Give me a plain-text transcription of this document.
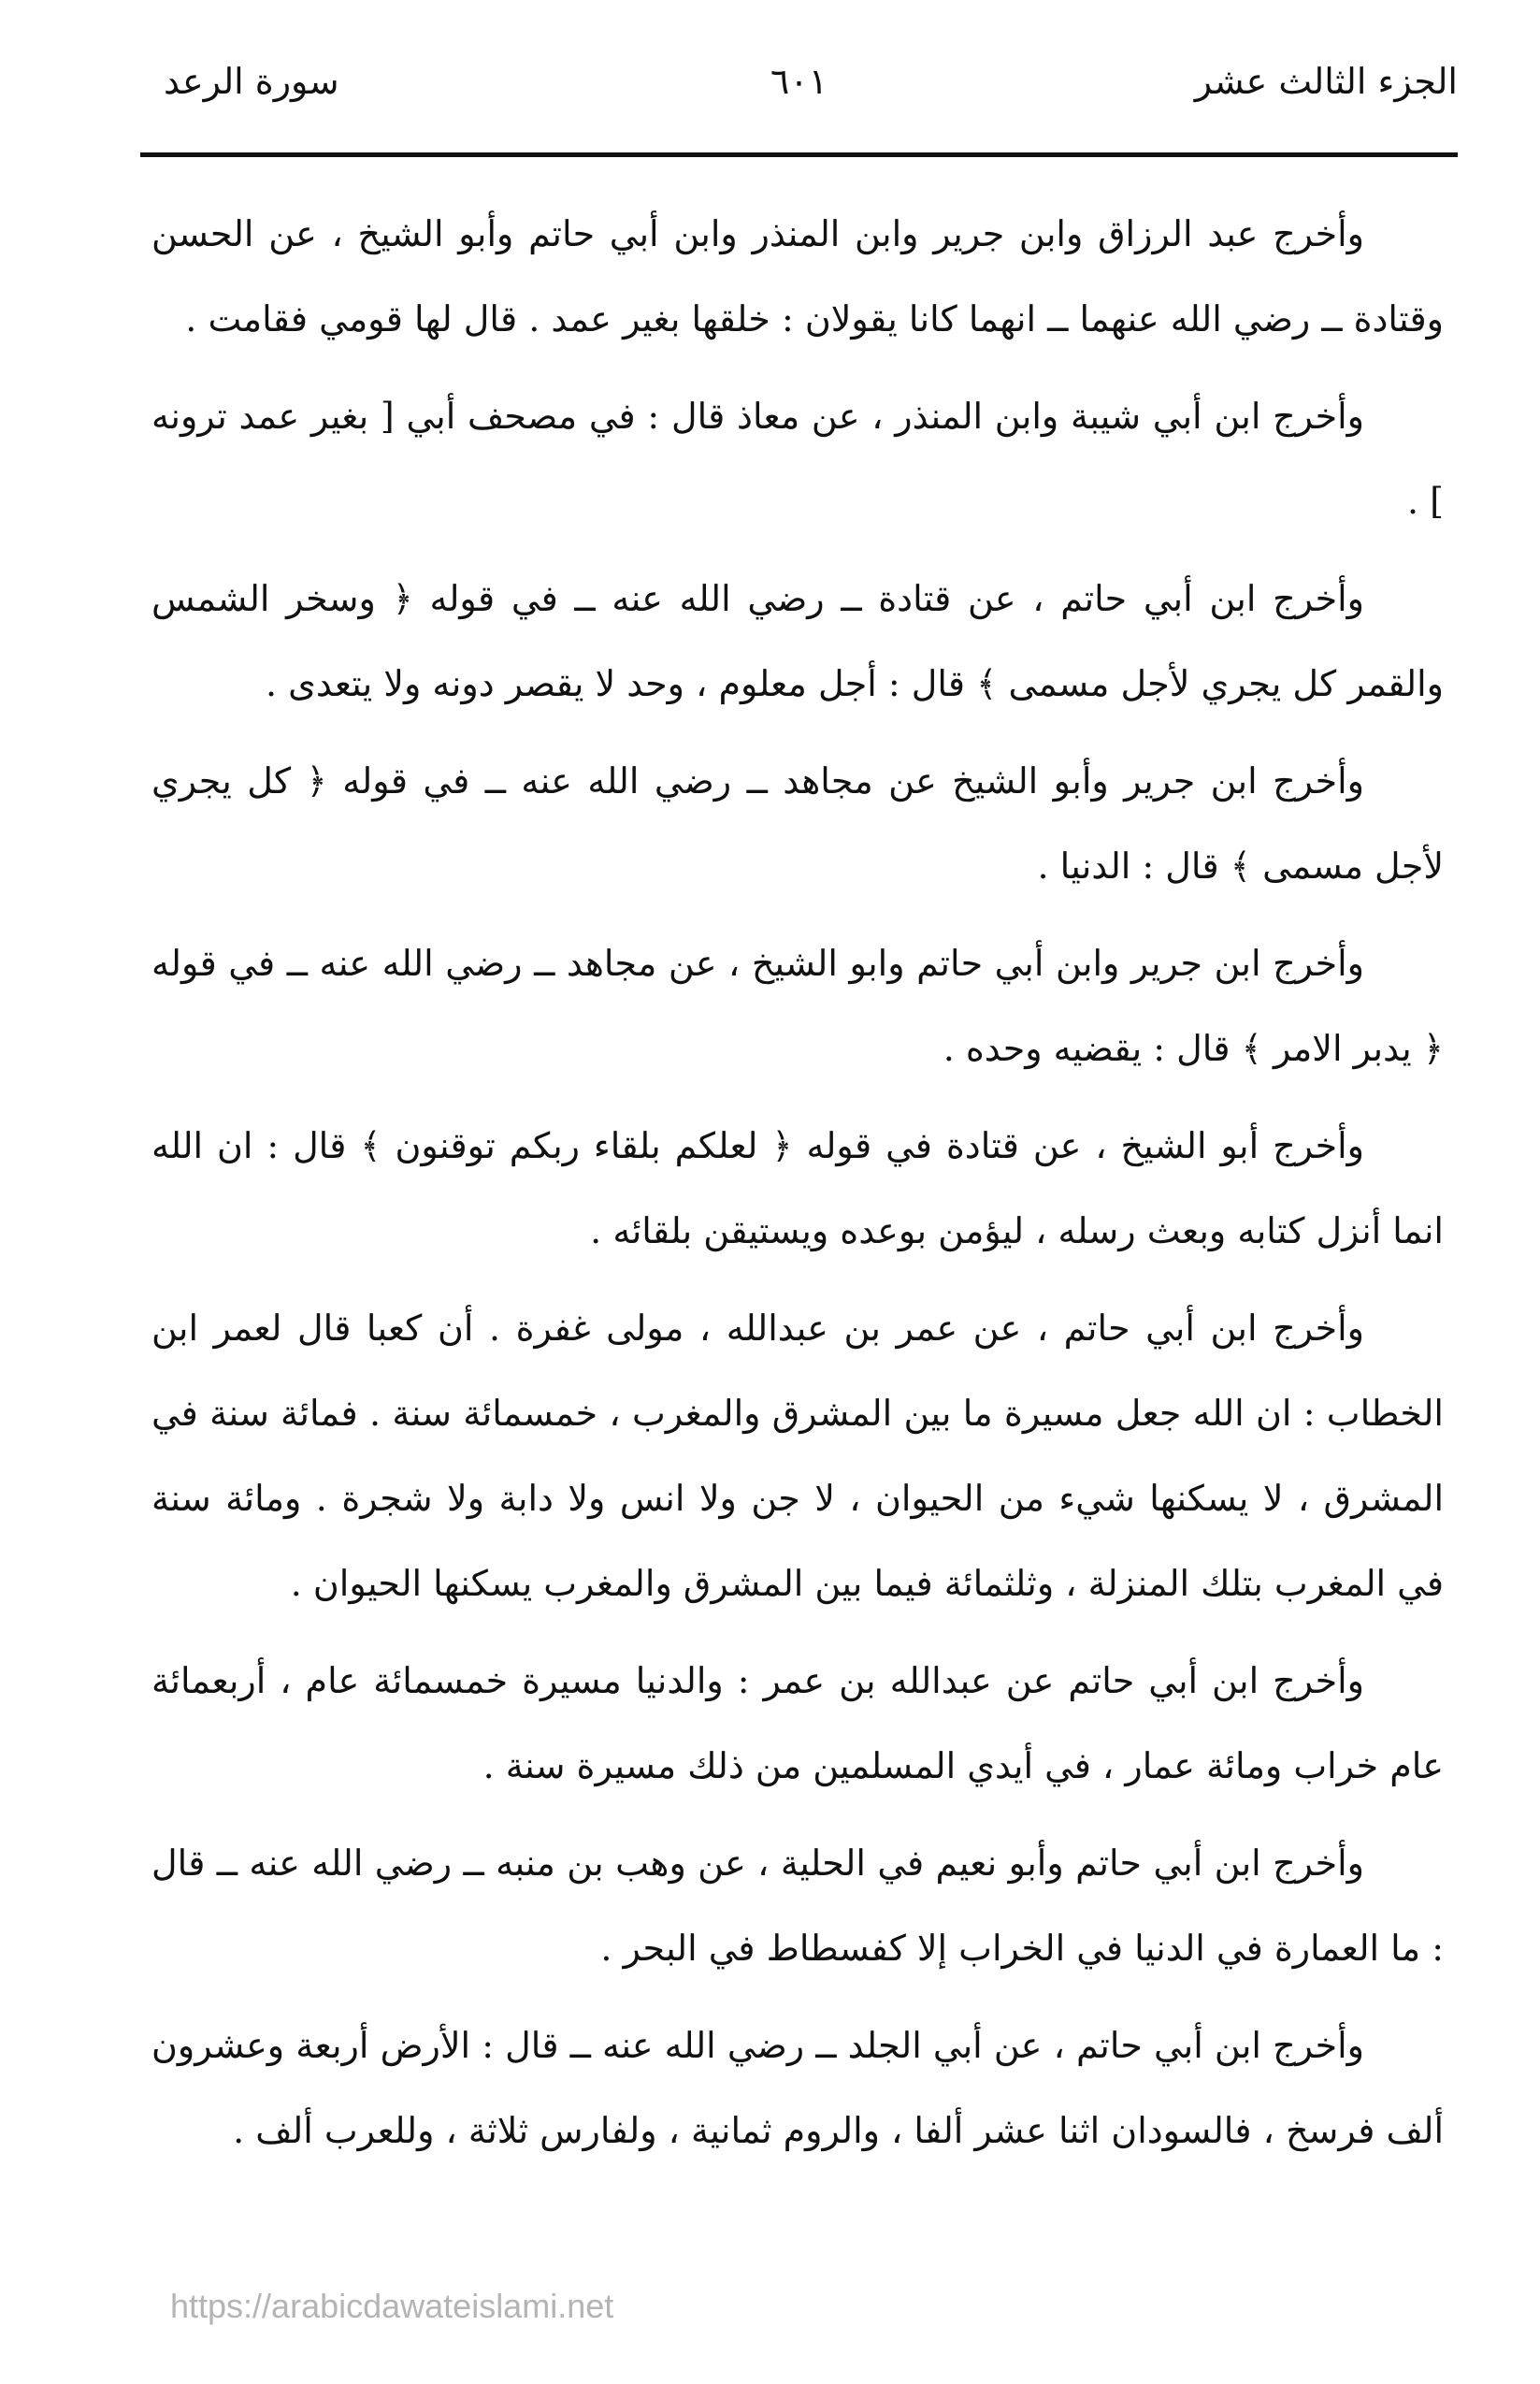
الجزء الثالث عشر
٦٠١
سورة الرعد

وأخرج عبد الرزاق وابن جرير وابن المنذر وابن أبي حاتم وأبو الشيخ ، عن الحسن وقتادة ــ رضي الله عنهما ــ انهما كانا يقولان : خلقها بغير عمد . قال لها قومي فقامت .

وأخرج ابن أبي شيبة وابن المنذر ، عن معاذ قال : في مصحف أبي [ بغير عمد ترونه ] .

وأخرج ابن أبي حاتم ، عن قتادة ــ رضي الله عنه ــ في قوله ﴿ وسخر الشمس والقمر كل يجري لأجل مسمى ﴾ قال : أجل معلوم ، وحد لا يقصر دونه ولا يتعدى .

وأخرج ابن جرير وأبو الشيخ عن مجاهد ــ رضي الله عنه ــ في قوله ﴿ كل يجري لأجل مسمى ﴾ قال : الدنيا .

وأخرج ابن جرير وابن أبي حاتم وابو الشيخ ، عن مجاهد ــ رضي الله عنه ــ في قوله ﴿ يدبر الامر ﴾ قال : يقضيه وحده .

وأخرج أبو الشيخ ، عن قتادة في قوله ﴿ لعلكم بلقاء ربكم توقنون ﴾ قال : ان الله انما أنزل كتابه وبعث رسله ، ليؤمن بوعده ويستيقن بلقائه .

وأخرج ابن أبي حاتم ، عن عمر بن عبدالله ، مولى غفرة . أن كعبا قال لعمر ابن الخطاب : ان الله جعل مسيرة ما بين المشرق والمغرب ، خمسمائة سنة . فمائة سنة في المشرق ، لا يسكنها شيء من الحيوان ، لا جن ولا انس ولا دابة ولا شجرة . ومائة سنة في المغرب بتلك المنزلة ، وثلثمائة فيما بين المشرق والمغرب يسكنها الحيوان .

وأخرج ابن أبي حاتم عن عبدالله بن عمر : والدنيا مسيرة خمسمائة عام ، أربعمائة عام خراب ومائة عمار ، في أيدي المسلمين من ذلك مسيرة سنة .

وأخرج ابن أبي حاتم وأبو نعيم في الحلية ، عن وهب بن منبه ــ رضي الله عنه ــ قال : ما العمارة في الدنيا في الخراب إلا كفسطاط في البحر .

وأخرج ابن أبي حاتم ، عن أبي الجلد ــ رضي الله عنه ــ قال : الأرض أربعة وعشرون ألف فرسخ ، فالسودان اثنا عشر ألفا ، والروم ثمانية ، ولفارس ثلاثة ، وللعرب ألف .

https://arabicdawateislami.net
